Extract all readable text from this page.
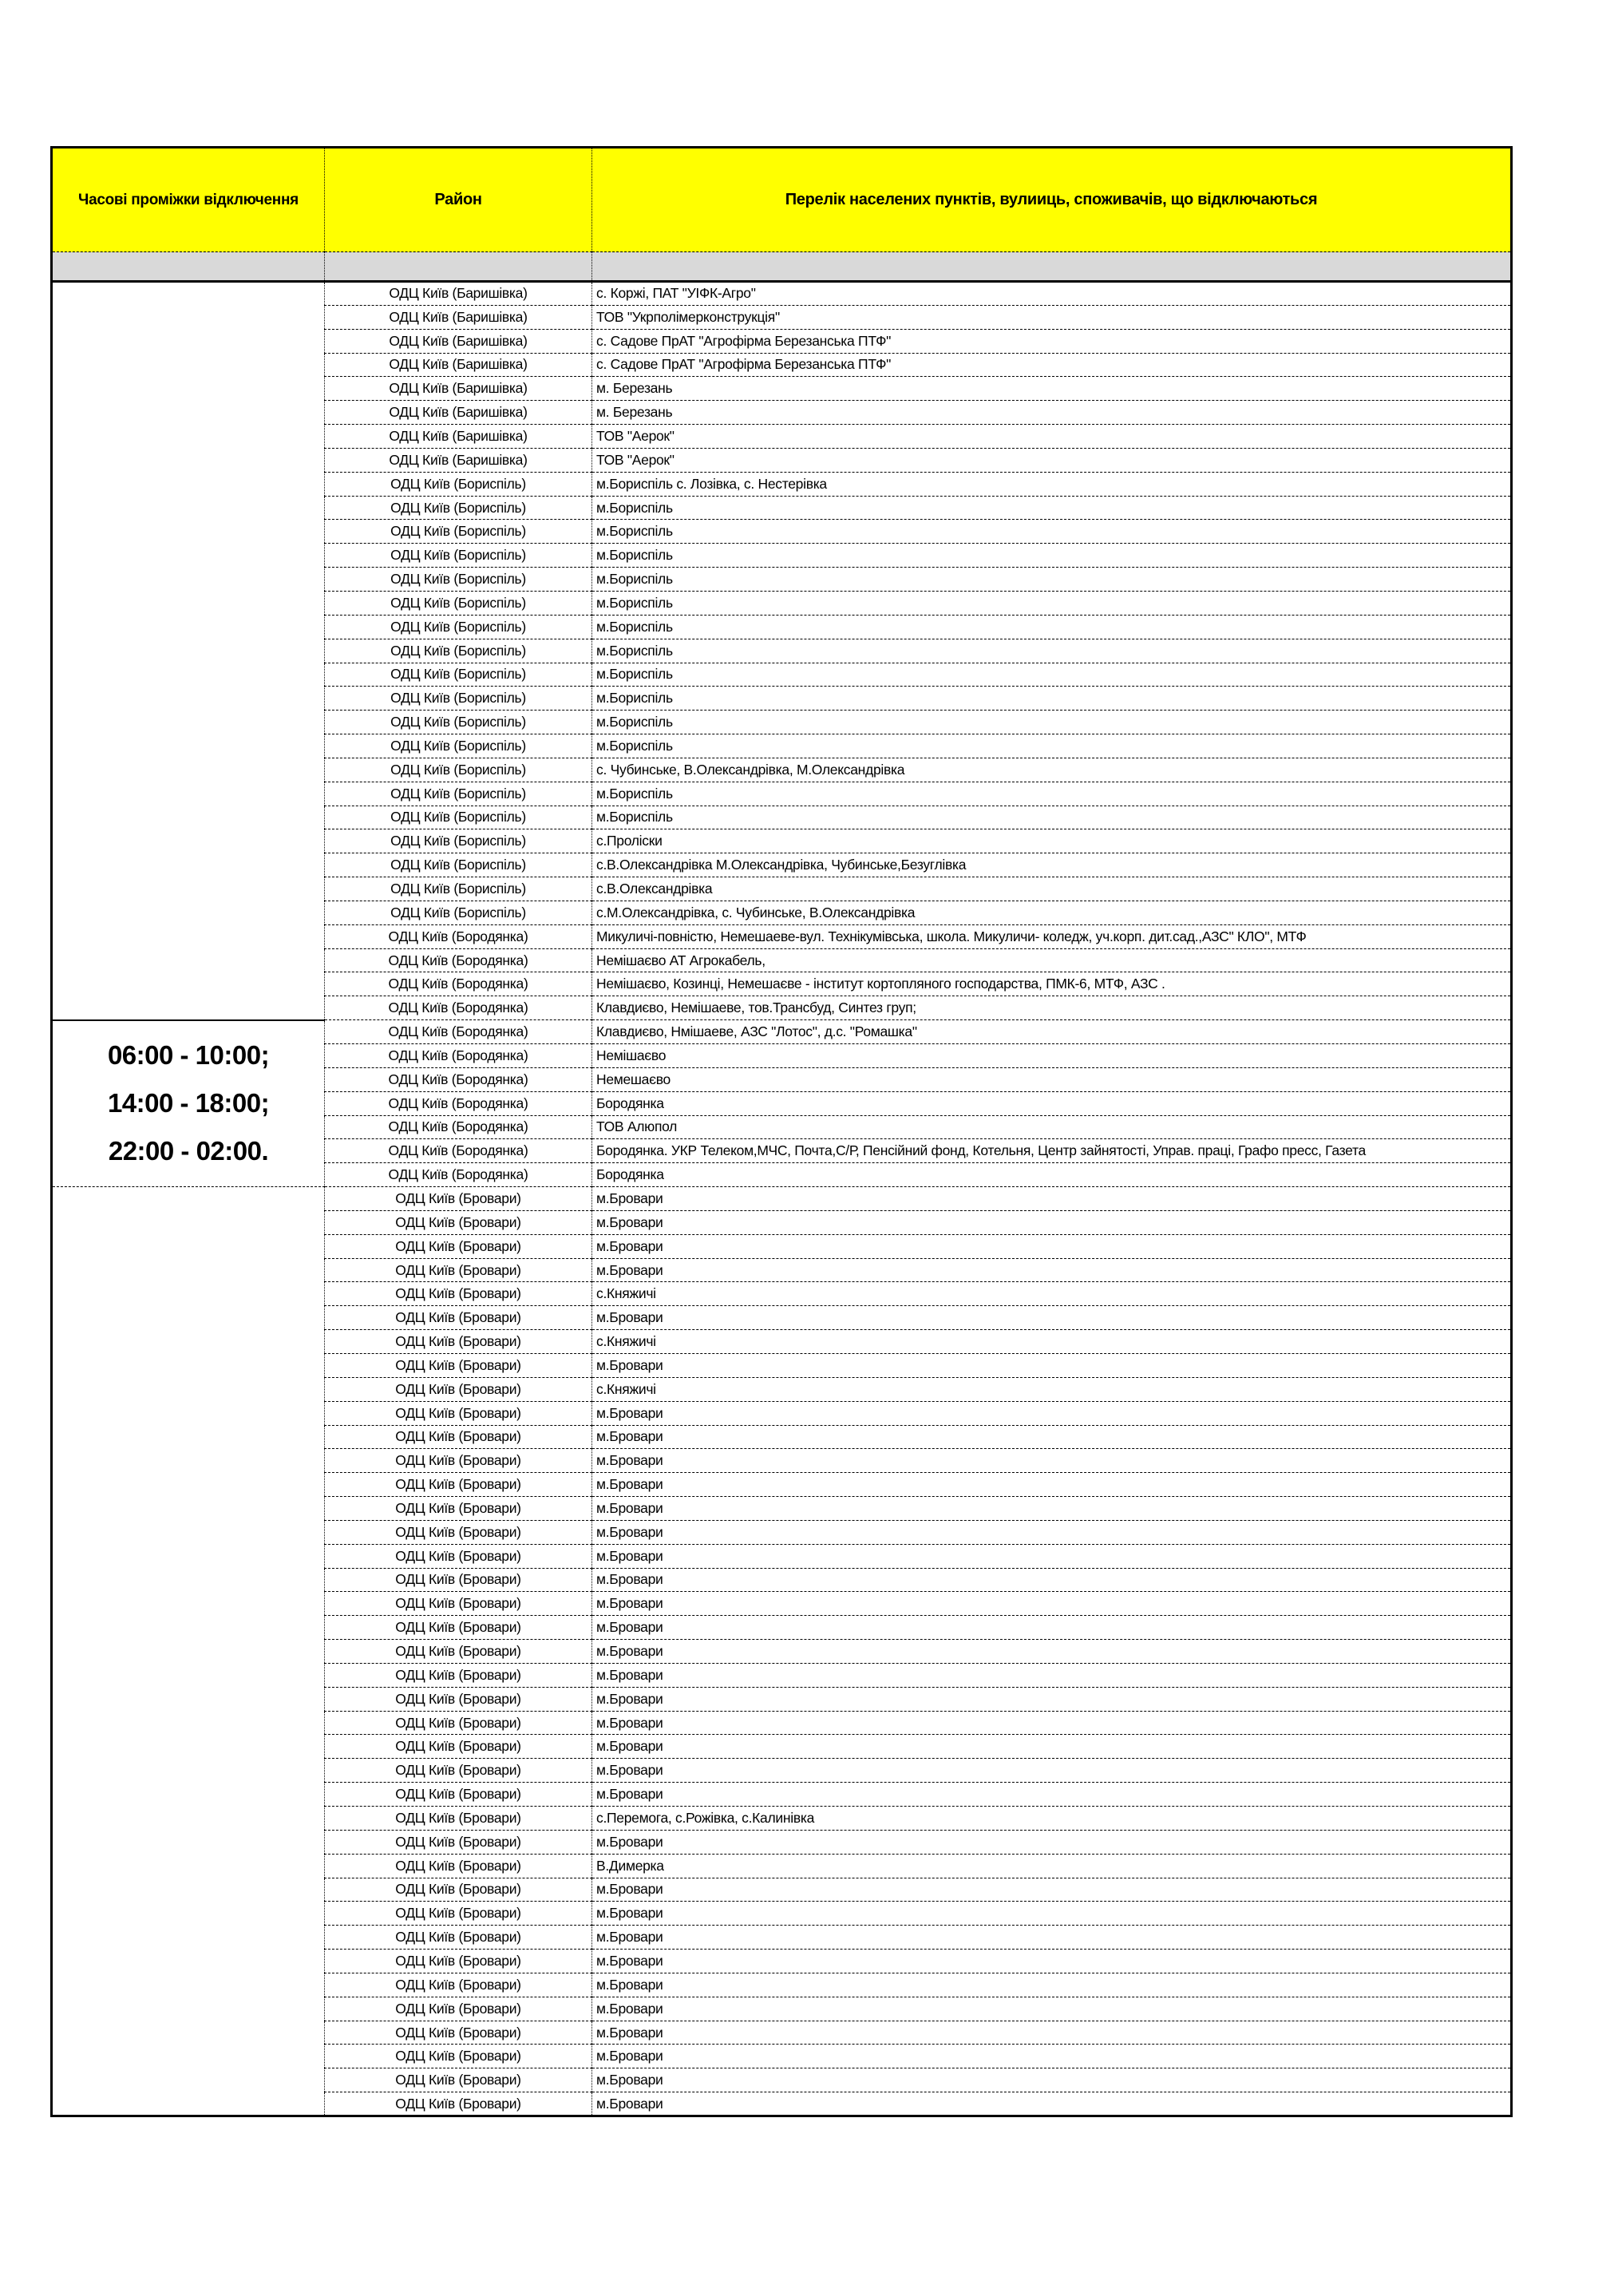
Часові проміжки відключення	Район	Перелік населених пунктів, вулииць, споживачів, що відключаються

	ОДЦ Київ (Баришівка)	с. Коржі, ПАТ "УІФК-Агро"
	ОДЦ Київ (Баришівка)	ТОВ "Укрполімерконструкція"
	ОДЦ Київ (Баришівка)	с. Садове ПрАТ "Агрофірма Березанська ПТФ"
	ОДЦ Київ (Баришівка)	с. Садове ПрАТ "Агрофірма Березанська ПТФ"
	ОДЦ Київ (Баришівка)	м. Березань
	ОДЦ Київ (Баришівка)	м. Березань
	ОДЦ Київ (Баришівка)	ТОВ "Аерок"
	ОДЦ Київ (Баришівка)	ТОВ "Аерок"
	ОДЦ Київ (Бориспіль)	м.Бориспіль с. Лозівка, с. Нестерівка
	ОДЦ Київ (Бориспіль)	м.Бориспіль
	ОДЦ Київ (Бориспіль)	м.Бориспіль
	ОДЦ Київ (Бориспіль)	м.Бориспіль
	ОДЦ Київ (Бориспіль)	м.Бориспіль
	ОДЦ Київ (Бориспіль)	м.Бориспіль
	ОДЦ Київ (Бориспіль)	м.Бориспіль
	ОДЦ Київ (Бориспіль)	м.Бориспіль
	ОДЦ Київ (Бориспіль)	м.Бориспіль
	ОДЦ Київ (Бориспіль)	м.Бориспіль
	ОДЦ Київ (Бориспіль)	м.Бориспіль
	ОДЦ Київ (Бориспіль)	м.Бориспіль
	ОДЦ Київ (Бориспіль)	с. Чубинське, В.Олександрівка, М.Олександрівка
	ОДЦ Київ (Бориспіль)	м.Бориспіль
	ОДЦ Київ (Бориспіль)	м.Бориспіль
	ОДЦ Київ (Бориспіль)	с.Проліски
	ОДЦ Київ (Бориспіль)	с.В.Олександрівка М.Олександрівка, Чубинське,Безуглівка
	ОДЦ Київ (Бориспіль)	с.В.Олександрівка
	ОДЦ Київ (Бориспіль)	с.М.Олександрівка, с. Чубинське, В.Олександрівка
	ОДЦ Київ (Бородянка)	Микуличі-повністю, Немешаеве-вул. Технікумівська, школа. Микуличи- коледж, уч.корп. дит.сад.,АЗС" КЛО", МТФ
	ОДЦ Київ (Бородянка)	Немішаєво АТ Агрокабель,
	ОДЦ Київ (Бородянка)	Немішаєво, Козинці, Немешаєве - інститут кортопляного господарства, ПМК-6, МТФ, АЗС .
	ОДЦ Київ (Бородянка)	Клавдиєво, Немішаеве, тов.Трансбуд, Синтез груп;

06:00 - 10:00;
14:00 - 18:00;
22:00 - 02:00.	ОДЦ Київ (Бородянка)	Клавдиєво, Нмішаеве, АЗС "Лотос", д.с. "Ромашка"
	ОДЦ Київ (Бородянка)	Немішаєво
	ОДЦ Київ (Бородянка)	Немешаєво
	ОДЦ Київ (Бородянка)	Бородянка
	ОДЦ Київ (Бородянка)	ТОВ Алюпол
	ОДЦ Київ (Бородянка)	Бородянка. УКР Телеком,МЧС, Почта,С/Р, Пенсійний фонд, Котельня, Центр зайнятості, Управ. праці, Графо пресс, Газета
	ОДЦ Київ (Бородянка)	Бородянка
	ОДЦ Київ (Бровари)	м.Бровари
	ОДЦ Київ (Бровари)	м.Бровари
	ОДЦ Київ (Бровари)	м.Бровари
	ОДЦ Київ (Бровари)	м.Бровари
	ОДЦ Київ (Бровари)	с.Княжичі
	ОДЦ Київ (Бровари)	м.Бровари
	ОДЦ Київ (Бровари)	с.Княжичі
	ОДЦ Київ (Бровари)	м.Бровари
	ОДЦ Київ (Бровари)	с.Княжичі
	ОДЦ Київ (Бровари)	м.Бровари
	ОДЦ Київ (Бровари)	м.Бровари
	ОДЦ Київ (Бровари)	м.Бровари
	ОДЦ Київ (Бровари)	м.Бровари
	ОДЦ Київ (Бровари)	м.Бровари
	ОДЦ Київ (Бровари)	м.Бровари
	ОДЦ Київ (Бровари)	м.Бровари
	ОДЦ Київ (Бровари)	м.Бровари
	ОДЦ Київ (Бровари)	м.Бровари
	ОДЦ Київ (Бровари)	м.Бровари
	ОДЦ Київ (Бровари)	м.Бровари
	ОДЦ Київ (Бровари)	м.Бровари
	ОДЦ Київ (Бровари)	м.Бровари
	ОДЦ Київ (Бровари)	м.Бровари
	ОДЦ Київ (Бровари)	м.Бровари
	ОДЦ Київ (Бровари)	м.Бровари
	ОДЦ Київ (Бровари)	м.Бровари
	ОДЦ Київ (Бровари)	с.Перемога, с.Рожівка, с.Калинівка
	ОДЦ Київ (Бровари)	м.Бровари
	ОДЦ Київ (Бровари)	В.Димерка
	ОДЦ Київ (Бровари)	м.Бровари
	ОДЦ Київ (Бровари)	м.Бровари
	ОДЦ Київ (Бровари)	м.Бровари
	ОДЦ Київ (Бровари)	м.Бровари
	ОДЦ Київ (Бровари)	м.Бровари
	ОДЦ Київ (Бровари)	м.Бровари
	ОДЦ Київ (Бровари)	м.Бровари
	ОДЦ Київ (Бровари)	м.Бровари
	ОДЦ Київ (Бровари)	м.Бровари
	ОДЦ Київ (Бровари)	м.Бровари
